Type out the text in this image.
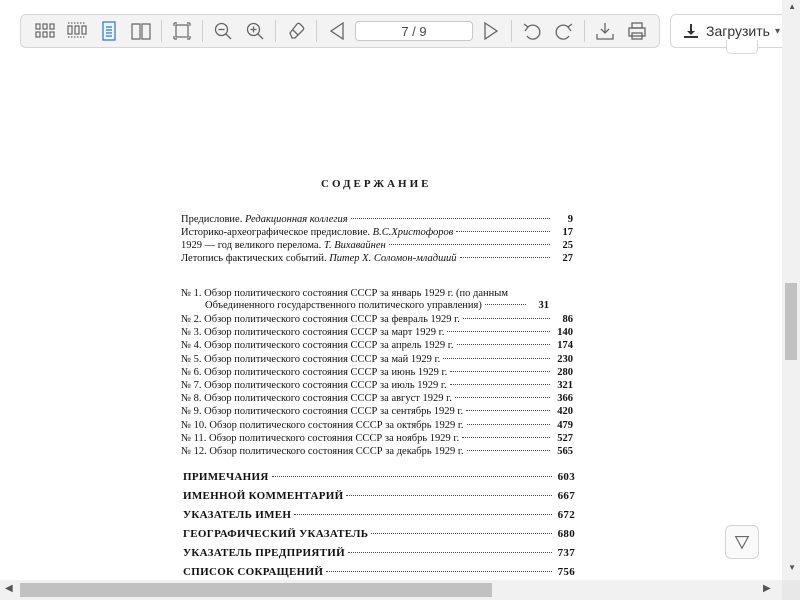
7 / 9
Загрузить ▾
СОДЕРЖАНИЕ
Предисловие. Редакционная коллегия	9
Историко-археографическое предисловие. В.С.Христофоров	17
1929 — год великого перелома. Т. Вихавайнен	25
Летопись фактических событий. Питер Х. Соломон-младший	27
№ 1. Обзор политического состояния СССР за январь 1929 г. (по данным
Объединенного государственного политического управления)	31
№ 2. Обзор политического состояния СССР за февраль 1929 г.	86
№ 3. Обзор политического состояния СССР за март 1929 г.	140
№ 4. Обзор политического состояния СССР за апрель 1929 г.	174
№ 5. Обзор политического состояния СССР за май 1929 г.	230
№ 6. Обзор политического состояния СССР за июнь 1929 г.	280
№ 7. Обзор политического состояния СССР за июль 1929 г.	321
№ 8. Обзор политического состояния СССР за август 1929 г.	366
№ 9. Обзор политического состояния СССР за сентябрь 1929 г.	420
№ 10. Обзор политического состояния СССР за октябрь 1929 г.	479
№ 11. Обзор политического состояния СССР за ноябрь 1929 г.	527
№ 12. Обзор политического состояния СССР за декабрь 1929 г.	565
ПРИМЕЧАНИЯ	603
ИМЕННОЙ КОММЕНТАРИЙ	667
УКАЗАТЕЛЬ ИМЕН	672
ГЕОГРАФИЧЕСКИЙ УКАЗАТЕЛЬ	680
УКАЗАТЕЛЬ ПРЕДПРИЯТИЙ	737
СПИСОК СОКРАЩЕНИЙ	756
▲
▼
◀	▶
